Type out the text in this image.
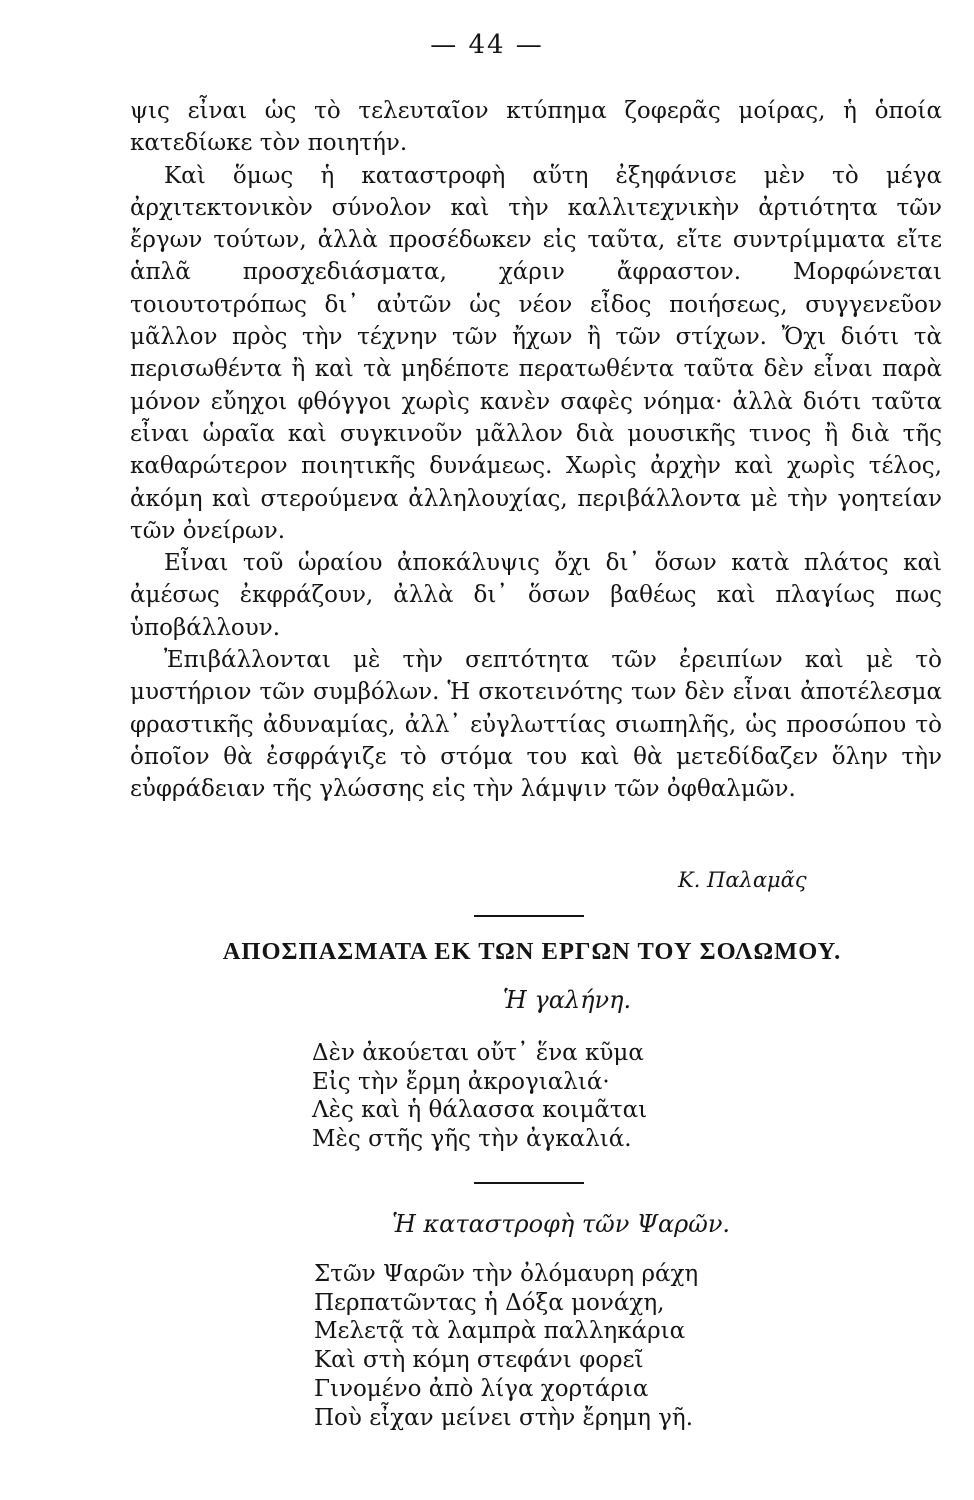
— 44 —

ψις εἶναι ὡς τὸ τελευταῖον κτύπημα ζοφερᾶς μοίρας, ἡ ὁποία κατεδίωκε τὸν ποιητήν.

Καὶ ὅμως ἡ καταστροφὴ αὕτη ἐξηφάνισε μὲν τὸ μέγα ἀρχιτεκτονικὸν σύνολον καὶ τὴν καλλιτεχνικὴν ἀρτιότητα τῶν ἔργων τούτων, ἀλλὰ προσέδωκεν εἰς ταῦτα, εἴτε συντρίμματα εἴτε ἁπλᾶ προσχεδιάσματα, χάριν ἄφραστον. Μορφώνεται τοιουτοτρόπως δι᾽ αὐτῶν ὡς νέον εἶδος ποιήσεως, συγγενεῦον μᾶλλον πρὸς τὴν τέχνην τῶν ἤχων ἢ τῶν στίχων. Ὄχι διότι τὰ περισωθέντα ἢ καὶ τὰ μηδέποτε περατωθέντα ταῦτα δὲν εἶναι παρὰ μόνον εὔηχοι φθόγγοι χωρὶς κανὲν σαφὲς νόημα· ἀλλὰ διότι ταῦτα εἶναι ὡραῖα καὶ συγκινοῦν μᾶλλον διὰ μουσικῆς τινος ἢ διὰ τῆς καθαρώτερον ποιητικῆς δυνάμεως. Χωρὶς ἀρχὴν καὶ χωρὶς τέλος, ἀκόμη καὶ στερούμενα ἀλληλουχίας, περιβάλλοντα μὲ τὴν γοητείαν τῶν ὀνείρων.

Εἶναι τοῦ ὡραίου ἀποκάλυψις ὄχι δι᾽ ὅσων κατὰ πλάτος καὶ ἀμέσως ἐκφράζουν, ἀλλὰ δι᾽ ὅσων βαθέως καὶ πλαγίως πως ὑποβάλλουν.

Ἐπιβάλλονται μὲ τὴν σεπτότητα τῶν ἐρειπίων καὶ μὲ τὸ μυστήριον τῶν συμβόλων. Ἡ σκοτεινότης των δὲν εἶναι ἀποτέλεσμα φραστικῆς ἀδυναμίας, ἀλλ᾽ εὐγλωττίας σιωπηλῆς, ὡς προσώπου τὸ ὁποῖον θὰ ἐσφράγιζε τὸ στόμα του καὶ θὰ μετεδίδαζεν ὅλην τὴν εὐφράδειαν τῆς γλώσσης εἰς τὴν λάμψιν τῶν ὀφθαλμῶν.

Κ. Παλαμᾶς
ΑΠΟΣΠΑΣΜΑΤΑ ΕΚ ΤΩΝ ΕΡΓΩΝ ΤΟΥ ΣΟΛΩΜΟΥ.
Ἡ γαλήνη.
Δὲν ἀκούεται οὔτ᾽ ἕνα κῦμα
Εἰς τὴν ἔρμη ἀκρογιαλιά·
Λὲς καὶ ἡ θάλασσα κοιμᾶται
Μὲς στῆς γῆς τὴν ἀγκαλιά.
Ἡ καταστροφὴ τῶν Ψαρῶν.
Στῶν Ψαρῶν τὴν ὀλόμαυρη ράχη
Περπατῶντας ἡ Δόξα μονάχη,
Μελετᾷ τὰ λαμπρὰ παλληκάρια
Καὶ στὴ κόμη στεφάνι φορεῖ
Γινομένο ἀπὸ λίγα χορτάρια
Ποὺ εἶχαν μείνει στὴν ἔρημη γῆ.
